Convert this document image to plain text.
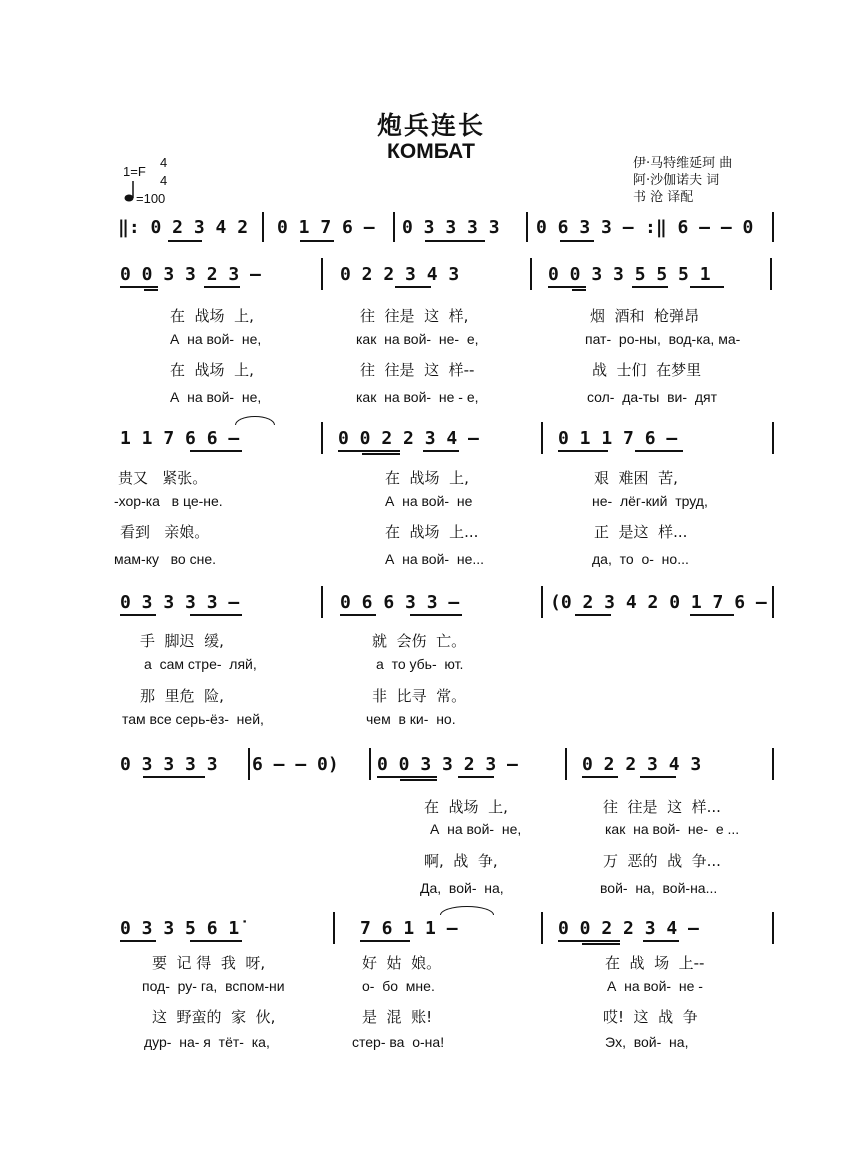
炮兵连长
КОМБАТ
伊·马特维延珂 曲
阿·沙伽诺夫 词
书 沧 译配
1=F
4
4
=100
‖: 0 2 3 4 2 0 1 7 6 – 0 3 3 3 3 0 6 3 3 – :‖ 6 – – 0
0 0 3 3 2 3 –	0 2 2 3 4 3	0 0 3 3 5 5 5 1
在  战场  上,	往  往是  这  样,	烟  酒和  枪弹昂
А  на вой-  не,	как  на вой-  не-  е,	пат-  ро-ны,  вод-ка, ма-
在  战场  上,	往  往是  这  样--	战  士们  在梦里
А  на вой-  не,	как  на вой-  не - е,	сол-  да-ты  ви-  дят
1 1 7 6 6 –	0 0 2 2 3 4 –	0 1 1 7 6 –
贵又   紧张。	在  战场  上,	艰  难困  苦,
-хор-ка   в це-не.	А  на вой-  не	не-  лёг-кий  труд,
看到   亲娘。	在  战场  上...	正  是这  样...
мам-ку   во сне.	А  на вой-  не...	да,  то  о-  но...
0 3 3 3 3 –	0 6 6 3 3 –	(0 2 3 4 2 0 1 7 6 –
手  脚迟  缓,	就  会伤  亡。
а  сам стре-  ляй,	а  то убь-  ют.
那  里危  险,	非  比寻  常。
там все серь-ёз-  ней,	чем  в ки-  но.
0 3 3 3 3 6 – – 0) 0 0 3 3 2 3 –	0 2 2 3 4 3
在  战场  上,	往  往是  这  样...
А  на вой-  не,	как  на вой-  не-  е ...
啊,  战  争,	万  恶的  战  争...
Да,  вой-  на,	вой-  на,  вой-на...
0 3 3 5 6 1̇	7 6 1 1 –	0 0 2 2 3 4 –
要  记 得  我  呀,	好  姑  娘。	在  战  场  上--
под-  ру- га,  вспом-ни	о-  бо  мне.	А  на вой-  не -
这  野蛮的  家  伙,	是  混  账!	哎!  这  战  争
дур-  на- я  тёт-  ка,	стер- ва  о-на!	Эх,  вой-  на,
